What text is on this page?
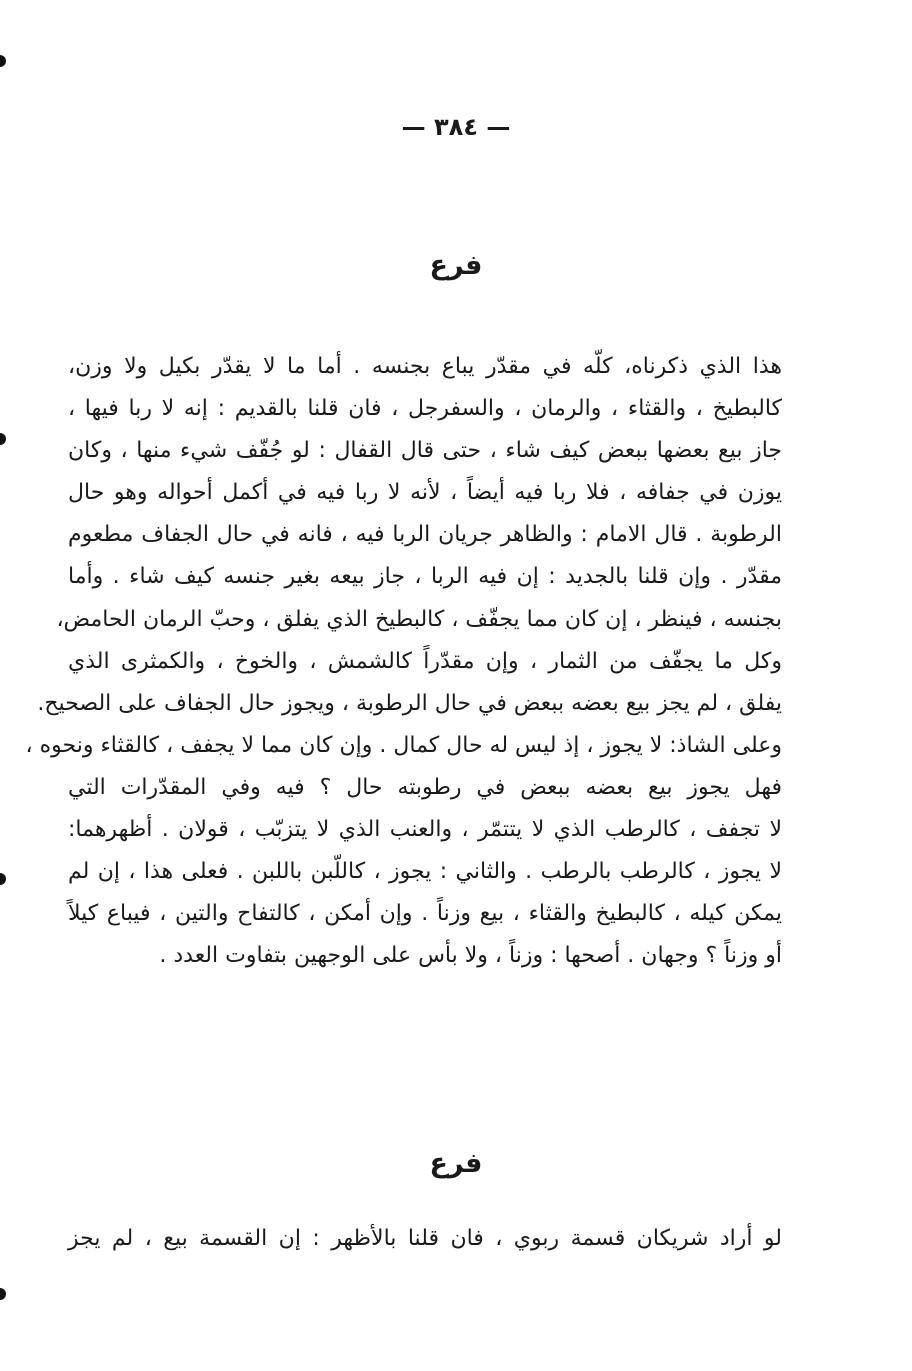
— ٣٨٤ —
فرع
هذا الذي ذكرناه، كلّه في مقدّر يباع بجنسه . أما ما لا يقدّر بكيل ولا وزن،
كالبطيخ ، والقثاء ، والرمان ، والسفرجل ، فان قلنا بالقديم : إنه لا ربا فيها ،
جاز بيع بعضها ببعض كيف شاء ، حتى قال القفال : لو جُفّف شيء منها ، وكان
يوزن في جفافه ، فلا ربا فيه أيضاً ، لأنه لا ربا فيه في أكمل أحواله وهو حال
الرطوبة . قال الامام : والظاهر جريان الربا فيه ، فانه في حال الجفاف مطعوم
مقدّر . وإن قلنا بالجديد : إن فيه الربا ، جاز بيعه بغير جنسه كيف شاء . وأما
بجنسه ، فينظر ، إن كان مما يجفّف ، كالبطيخ الذي يفلق ، وحبّ الرمان الحامض،
وكل ما يجفّف من الثمار ، وإن مقدّراً كالشمش ، والخوخ ، والكمثرى الذي
يفلق ، لم يجز بيع بعضه ببعض في حال الرطوبة ، ويجوز حال الجفاف على الصحيح.
وعلى الشاذ: لا يجوز ، إذ ليس له حال كمال . وإن كان مما لا يجفف ، كالقثاء ونحوه ،
فهل يجوز بيع بعضه ببعض في رطوبته حال ؟ فيه وفي المقدّرات التي
لا تجفف ، كالرطب الذي لا يتتمّر ، والعنب الذي لا يتزبّب ، قولان . أظهرهما:
لا يجوز ، كالرطب بالرطب . والثاني : يجوز ، كاللّبن باللبن . فعلى هذا ، إن لم
يمكن كيله ، كالبطيخ والقثاء ، بيع وزناً . وإن أمكن ، كالتفاح والتين ، فيباع كيلاً
أو وزناً ؟ وجهان . أصحها : وزناً ، ولا بأس على الوجهين بتفاوت العدد .
فرع
لو أراد شريكان قسمة ربوي ، فان قلنا بالأظهر : إن القسمة بيع ، لم يجز
